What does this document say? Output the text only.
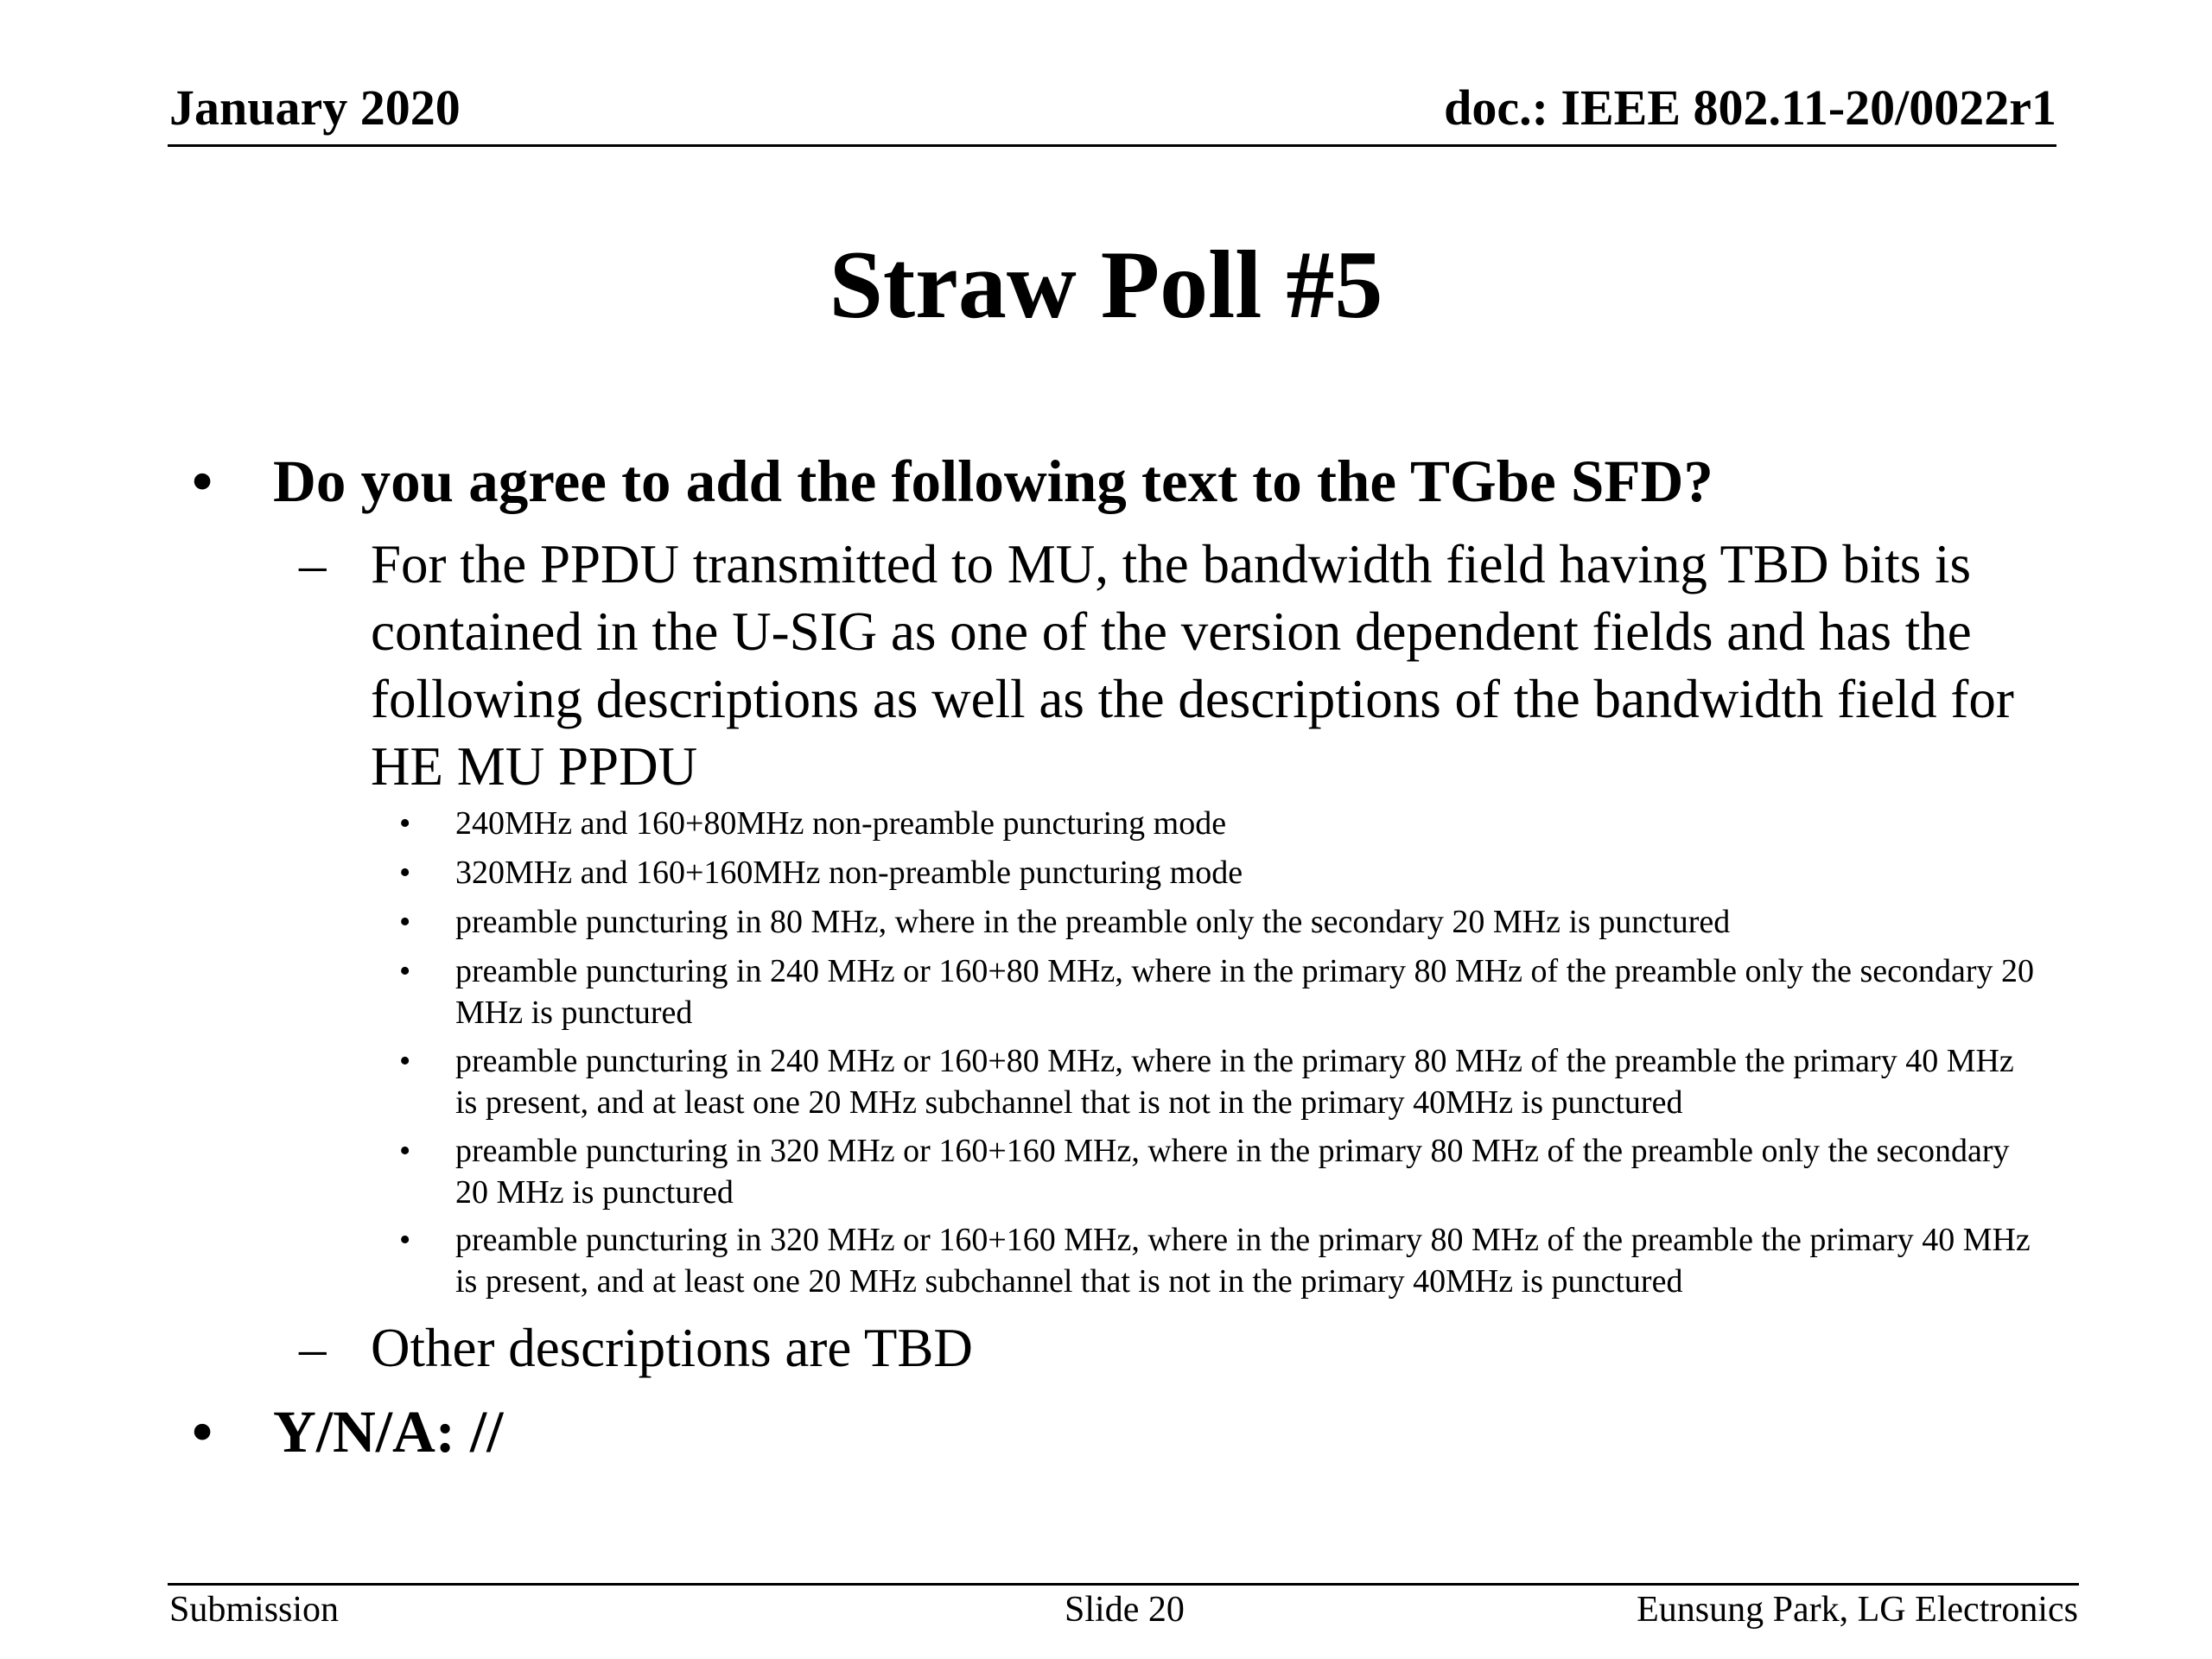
January 2020	doc.: IEEE 802.11-20/0022r1
Straw Poll #5
• Do you agree to add the following text to the TGbe SFD?
– For the PPDU transmitted to MU, the bandwidth field having TBD bits is contained in the U-SIG as one of the version dependent fields and has the following descriptions as well as the descriptions of the bandwidth field for HE MU PPDU
• 240MHz and 160+80MHz non-preamble puncturing mode
• 320MHz and 160+160MHz non-preamble puncturing mode
• preamble puncturing in 80 MHz, where in the preamble only the secondary 20 MHz is punctured
• preamble puncturing in 240 MHz or 160+80 MHz, where in the primary 80 MHz of the preamble only the secondary 20 MHz is punctured
• preamble puncturing in 240 MHz or 160+80 MHz, where in the primary 80 MHz of the preamble the primary 40 MHz is present, and at least one 20 MHz subchannel that is not in the primary 40MHz is punctured
• preamble puncturing in 320 MHz or 160+160 MHz, where in the primary 80 MHz of the preamble only the secondary 20 MHz is punctured
• preamble puncturing in 320 MHz or 160+160 MHz, where in the primary 80 MHz of the preamble the primary 40 MHz is present, and at least one 20 MHz subchannel that is not in the primary 40MHz is punctured
– Other descriptions are TBD
• Y/N/A: //
Submission	Slide 20	Eunsung Park, LG Electronics
